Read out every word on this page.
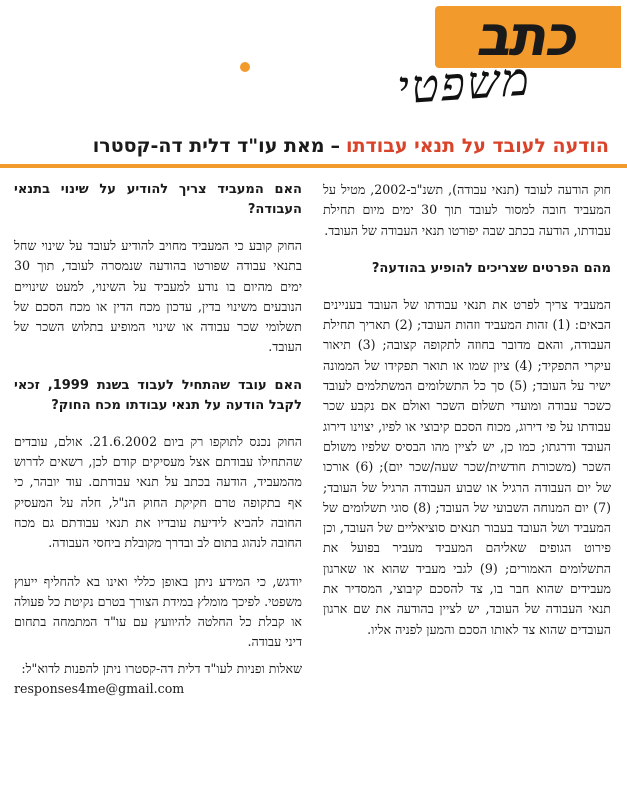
כתב
משפטי
הודעה לעובד על תנאי עבודתו
–
מאת עו"ד דלית דה-קסטרו

חוק הודעה לעובד (תנאי עבודה), תשנ"ב-2002, מטיל על המעביד חובה למסור לעובד תוך 30 ימים מיום תחילת עבודתו, הודעה בכתב שבה יפורטו תנאי העבודה של העובד.

מהם הפרטים שצריכים להופיע בהודעה?

המעביד צריך לפרט את תנאי עבודתו של העובד בעניינים הבאים: (1) זהות המעביד וזהות העובד; (2) תאריך תחילת העבודה, והאם מדובר בחוזה לתקופה קצובה; (3) תיאור עיקרי התפקיד; (4) ציון שמו או תואר תפקידו של הממונה ישיר על העובד; (5) סך כל התשלומים המשתלמים לעובד כשכר עבודה ומועדי תשלום השכר ואולם אם נקבע שכר עבודתו על פי דירוג, מכוח הסכם קיבוצי או לפיו, יצוינו דירוג העובד ודרגתו; כמו כן, יש לציין מהו הבסיס שלפיו משולם השכר (משכורת חודשית/שכר שעה/שכר יום); (6) אורכו של יום העבודה הרגיל או שבוע העבודה הרגיל של העובד; (7) יום המנוחה השבועי של העובד; (8) סוגי תשלומים של המעביד ושל העובד בעבור תנאים סוציאליים של העובד, וכן פירוט הגופים שאליהם המעביד מעביר בפועל את התשלומים האמורים; (9) לגבי מעביד שהוא או שארגון מעבידים שהוא חבר בו, צד להסכם קיבוצי, המסדיר את תנאי העבודה של העובד, יש לציין בהודעה את שם ארגון העובדים שהוא צד לאותו הסכם והמען לפניה אליו.

האם המעביד צריך להודיע על שינוי בתנאי העבודה?

החוק קובע כי המעביד מחויב להודיע לעובד על שינוי שחל בתנאי עבודה שפורטו בהודעה שנמסרה לעובד, תוך 30 ימים מהיום בו נודע למעביד על השינוי, למעט שינויים הנובעים משינוי בדין, עדכון מכח הדין או מכח הסכם של תשלומי שכר עבודה או שינוי המופיע בתלוש השכר של העובד.

האם עובד שהתחיל לעבוד בשנת 1999, זכאי לקבל הודעה על תנאי עבודתו מכח החוק?

החוק נכנס לתוקפו רק ביום 21.6.2002. אולם, עובדים שהתחילו עבודתם אצל מעסיקים קודם לכן, רשאים לדרוש מהמעביד, הודעה בכתב על תנאי עבודתם. עוד יובהר, כי אף בתקופה טרם חקיקת החוק הנ"ל, חלה על המעסיק החובה להביא לידיעת עובדיו את תנאי עבודתם גם מכח החובה לנהוג בתום לב ובדרך מקובלת ביחסי העבודה.

יודגש, כי המידע ניתן באופן כללי ואינו בא להחליף ייעוץ משפטי. לפיכך מומלץ במידת הצורך בטרם נקיטת כל פעולה או קבלת כל החלטה להיוועץ עם עו"ד המתמחה בתחום דיני עבודה.

שאלות ופניות לעו"ד דלית דה-קסטרו ניתן להפנות לדוא"ל:
responses4me@gmail.com
